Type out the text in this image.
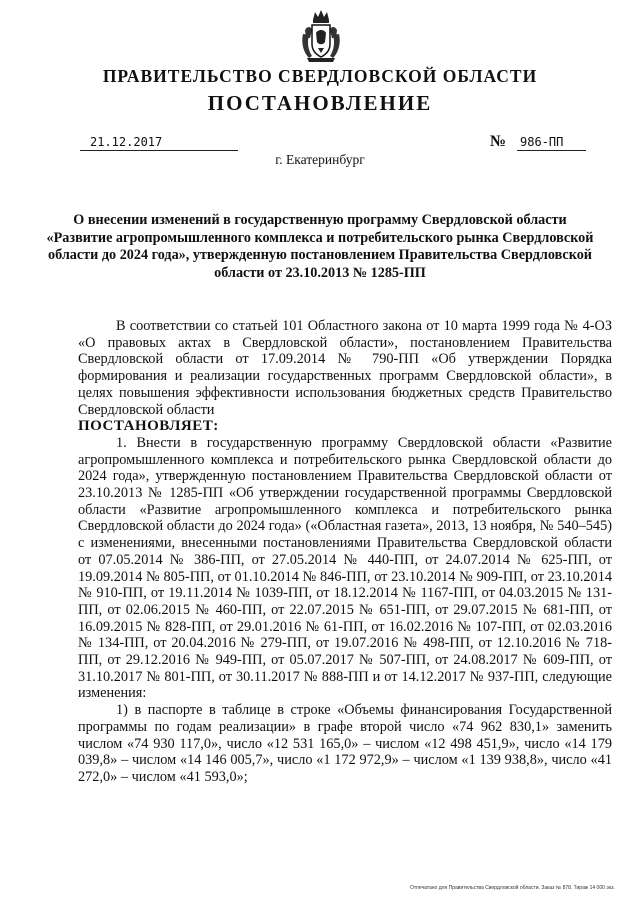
ПРАВИТЕЛЬСТВО СВЕРДЛОВСКОЙ ОБЛАСТИ
ПОСТАНОВЛЕНИЕ
21.12.2017	№ 986-ПП
г. Екатеринбург
О внесении изменений в государственную программу Свердловской области «Развитие агропромышленного комплекса и потребительского рынка Свердловской области до 2024 года», утвержденную постановлением Правительства Свердловской области от 23.10.2013 № 1285-ПП

В соответствии со статьей 101 Областного закона от 10 марта 1999 года № 4-ОЗ «О правовых актах в Свердловской области», постановлением Правительства Свердловской области от 17.09.2014 № 790-ПП «Об утверждении Порядка формирования и реализации государственных программ Свердловской области», в целях повышения эффективности использования бюджетных средств Правительство Свердловской области

ПОСТАНОВЛЯЕТ:

1. Внести в государственную программу Свердловской области «Развитие агропромышленного комплекса и потребительского рынка Свердловской области до 2024 года», утвержденную постановлением Правительства Свердловской области от 23.10.2013 № 1285-ПП «Об утверждении государственной программы Свердловской области «Развитие агропромышленного комплекса и потребительского рынка Свердловской области до 2024 года» («Областная газета», 2013, 13 ноября, № 540–545) с изменениями, внесенными постановлениями Правительства Свердловской области от 07.05.2014 № 386-ПП, от 27.05.2014 № 440-ПП, от 24.07.2014 № 625-ПП, от 19.09.2014 № 805-ПП, от 01.10.2014 № 846-ПП, от 23.10.2014 № 909-ПП, от 23.10.2014 № 910-ПП, от 19.11.2014 № 1039-ПП, от 18.12.2014 № 1167-ПП, от 04.03.2015 № 131-ПП, от 02.06.2015 № 460-ПП, от 22.07.2015 № 651-ПП, от 29.07.2015 № 681-ПП, от 16.09.2015 № 828-ПП, от 29.01.2016 № 61-ПП, от 16.02.2016 № 107-ПП, от 02.03.2016 № 134-ПП, от 20.04.2016 № 279-ПП, от 19.07.2016 № 498-ПП, от 12.10.2016 № 718-ПП, от 29.12.2016 № 949-ПП, от 05.07.2017 № 507-ПП, от 24.08.2017 № 609-ПП, от 31.10.2017 № 801-ПП, от 30.11.2017 № 888-ПП и от 14.12.2017 № 937-ПП, следующие изменения:

1) в паспорте в таблице в строке «Объемы финансирования Государственной программы по годам реализации» в графе второй число «74 962 830,1» заменить числом «74 930 117,0», число «12 531 165,0» – числом «12 498 451,9», число «14 179 039,8» – числом «14 146 005,7», число «1 172 972,9» – числом «1 139 938,8», число «41 272,0» – числом «41 593,0»;

Отпечатано для Правительства Свердловской области. Заказ № 878. Тираж 14 000 экз.
